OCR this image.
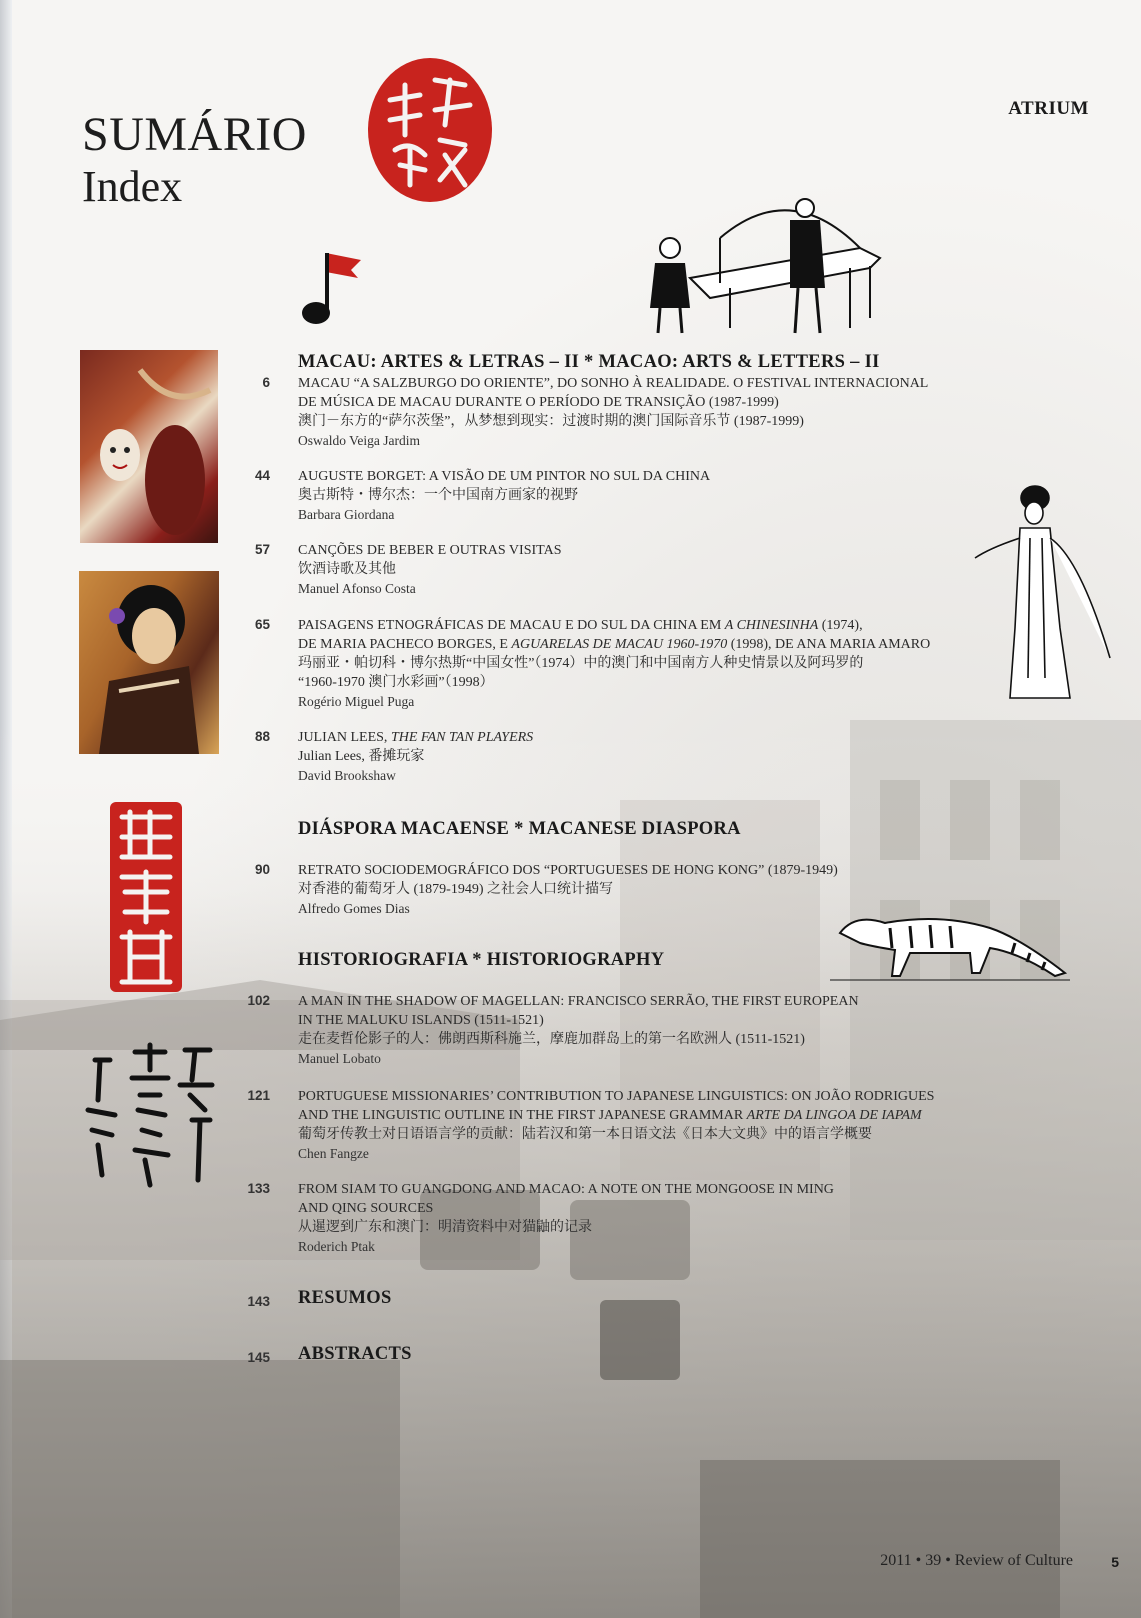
SUMÁRIO
Index
ATRIUM
MACAU: ARTES & LETRAS – II * MACAO: ARTS & LETTERS – II
6 MACAU “A SALZBURGO DO ORIENTE”, DO SONHO À REALIDADE. O FESTIVAL INTERNACIONAL
DE MÚSICA DE MACAU DURANTE O PERÍODO DE TRANSIÇÃO (1987-1999)
澳门－东方的“萨尔茨堡”，从梦想到现实：过渡时期的澳门国际音乐节 (1987-1999)
Oswaldo Veiga Jardim
44 AUGUSTE BORGET: A VISÃO DE UM PINTOR NO SUL DA CHINA
奥古斯特・博尔杰：一个中国南方画家的视野
Barbara Giordana
57 CANÇÕES DE BEBER E OUTRAS VISITAS
饮酒诗歌及其他
Manuel Afonso Costa
65 PAISAGENS ETNOGRÁFICAS DE MACAU E DO SUL DA CHINA EM A CHINESINHA (1974),
DE MARIA PACHECO BORGES, E AGUARELAS DE MACAU 1960-1970 (1998), DE ANA MARIA AMARO
玛丽亚・帕切科・博尔热斯“中国女性”（1974）中的澳门和中国南方人种史情景以及阿玛罗的
“1960-1970 澳门水彩画”（1998）
Rogério Miguel Puga
88 JULIAN LEES, THE FAN TAN PLAYERS
Julian Lees, 番摊玩家
David Brookshaw
DIÁSPORA MACAENSE * MACANESE DIASPORA
90 RETRATO SOCIODEMOGRÁFICO DOS “PORTUGUESES DE HONG KONG” (1879-1949)
对香港的葡萄牙人 (1879-1949) 之社会人口统计描写
Alfredo Gomes Dias
HISTORIOGRAFIA * HISTORIOGRAPHY
102 A MAN IN THE SHADOW OF MAGELLAN: FRANCISCO SERRÃO, THE FIRST EUROPEAN
IN THE MALUKU ISLANDS (1511-1521)
走在麦哲伦影子的人：佛朗西斯科施兰，摩鹿加群岛上的第一名欧洲人 (1511-1521)
Manuel Lobato
121 PORTUGUESE MISSIONARIES’ CONTRIBUTION TO JAPANESE LINGUISTICS: ON JOÃO RODRIGUES
AND THE LINGUISTIC OUTLINE IN THE FIRST JAPANESE GRAMMAR ARTE DA LINGOA DE IAPAM
葡萄牙传教士对日语语言学的贡献：陆若汉和第一本日语文法《日本大文典》中的语言学概要
Chen Fangze
133 FROM SIAM TO GUANGDONG AND MACAO: A NOTE ON THE MONGOOSE IN MING
AND QING SOURCES
从暹逻到广东和澳门：明清资料中对猫鼬的记录
Roderich Ptak
143 RESUMOS
145 ABSTRACTS
2011 • 39 • Review of Culture	5
